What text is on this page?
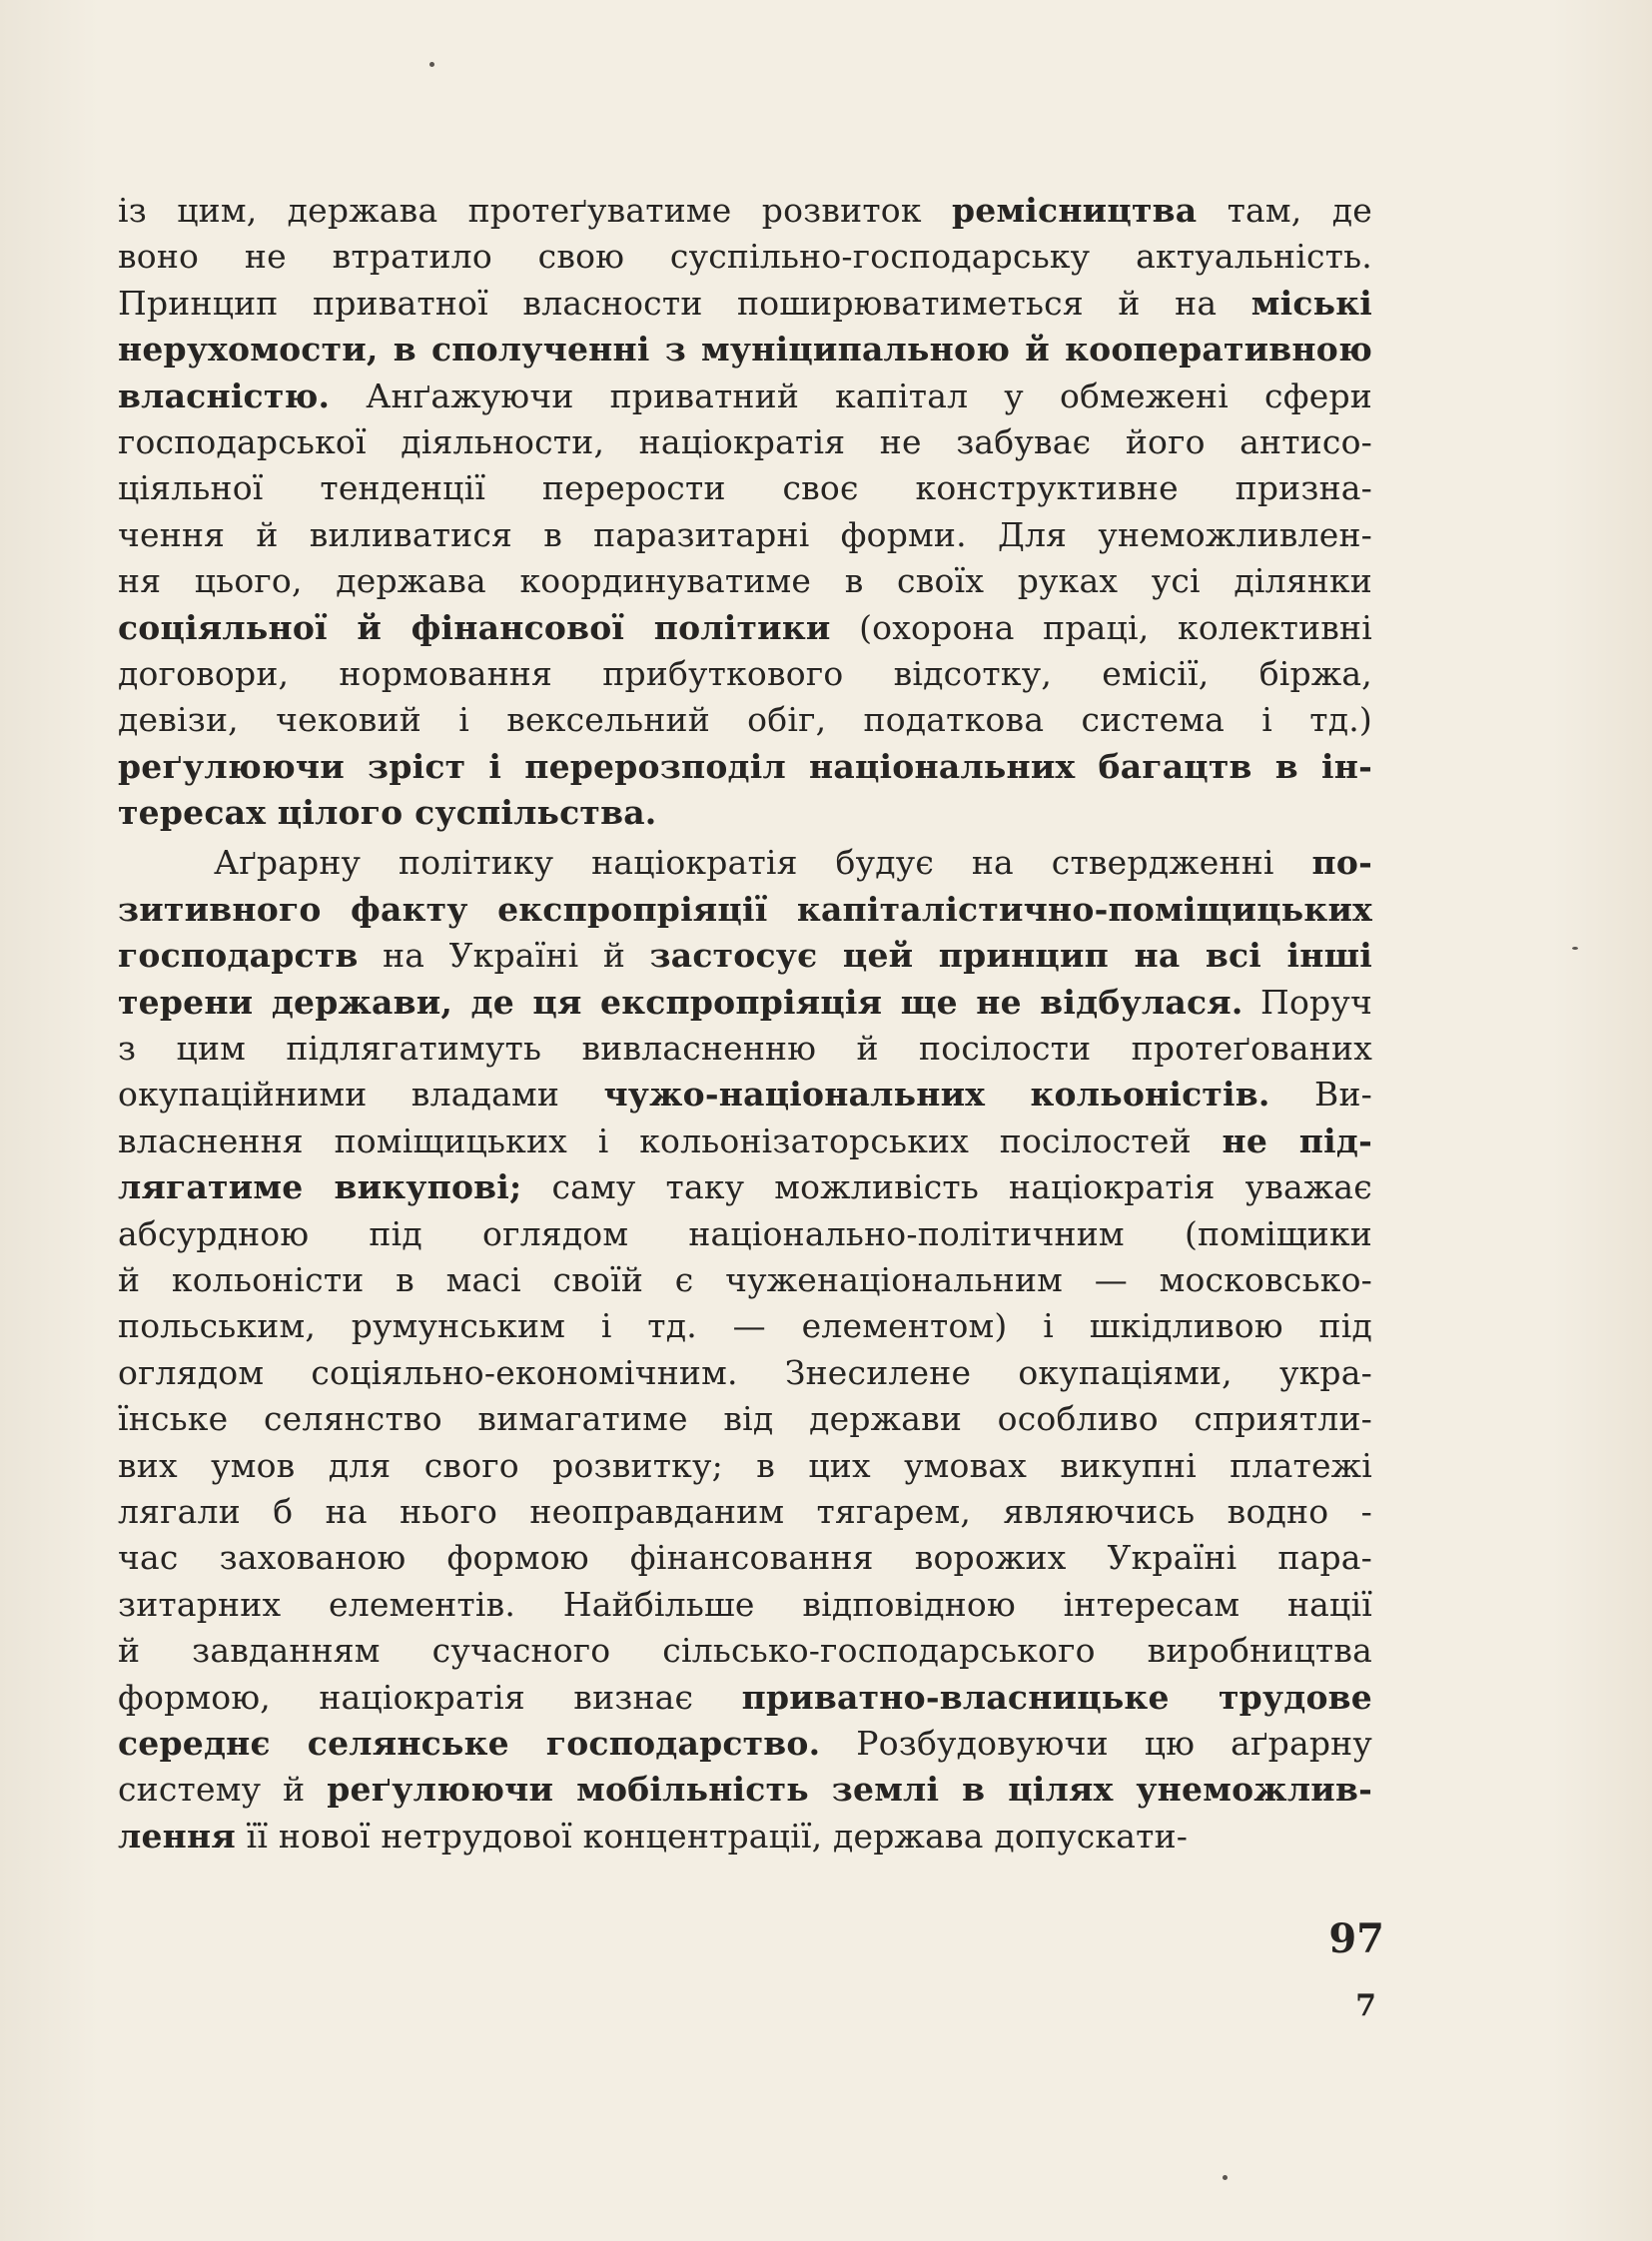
із цим, держава протеґуватиме розвиток ремісництва там, де
воно не втратило свою суспільно-господарську актуальність.
Принцип приватної власности поширюватиметься й на міські
нерухомости, в сполученні з муніципальною й кооперативною
власністю. Анґажуючи приватний капітал у обмежені сфери
господарської діяльности, націократія не забуває його антисо-
ціяльної тенденції перерости своє конструктивне призна-
чення й виливатися в паразитарні форми. Для унеможливлен-
ня цього, держава координуватиме в своїх руках усі ділянки
соціяльної й фінансової політики (охорона праці, колективні
договори, нормовання прибуткового відсотку, емісії, біржа,
девізи, чековий і вексельний обіг, податкова система і тд.)
реґулюючи зріст і перерозподіл національних багацтв в ін-
тересах цілого суспільства.
Аґрарну політику націократія будує на ствердженні по-
зитивного факту експропріяції капіталістично-поміщицьких
господарств на Україні й застосує цей принцип на всі інші
терени держави, де ця експропріяція ще не відбулася. Поруч
з цим підлягатимуть вивласненню й посілости протеґованих
окупаційними владами чужо-національних кольоністів. Ви-
власнення поміщицьких і кольонізаторських посілостей не під-
лягатиме викупові; саму таку можливість націократія уважає
абсурдною під оглядом національно-політичним (поміщики
й кольоністи в масі своїй є чуженаціональним — московсько-
польським, румунським і тд. — елементом) і шкідливою під
оглядом соціяльно-економічним. Знесилене окупаціями, укра-
їнське селянство вимагатиме від держави особливо сприятли-
вих умов для свого розвитку; в цих умовах викупні платежі
лягали б на нього неоправданим тягарем, являючись водно -
час захованою формою фінансовання ворожих Україні пара-
зитарних елементів. Найбільше відповідною інтересам нації
й завданням сучасного сільсько-господарського виробництва
формою, націократія визнає приватно-власницьке трудове
середнє селянське господарство. Розбудовуючи цю аґрарну
систему й реґулюючи мобільність землі в цілях унеможлив-
лення її нової нетрудової концентрації, держава допускати-
97
7
